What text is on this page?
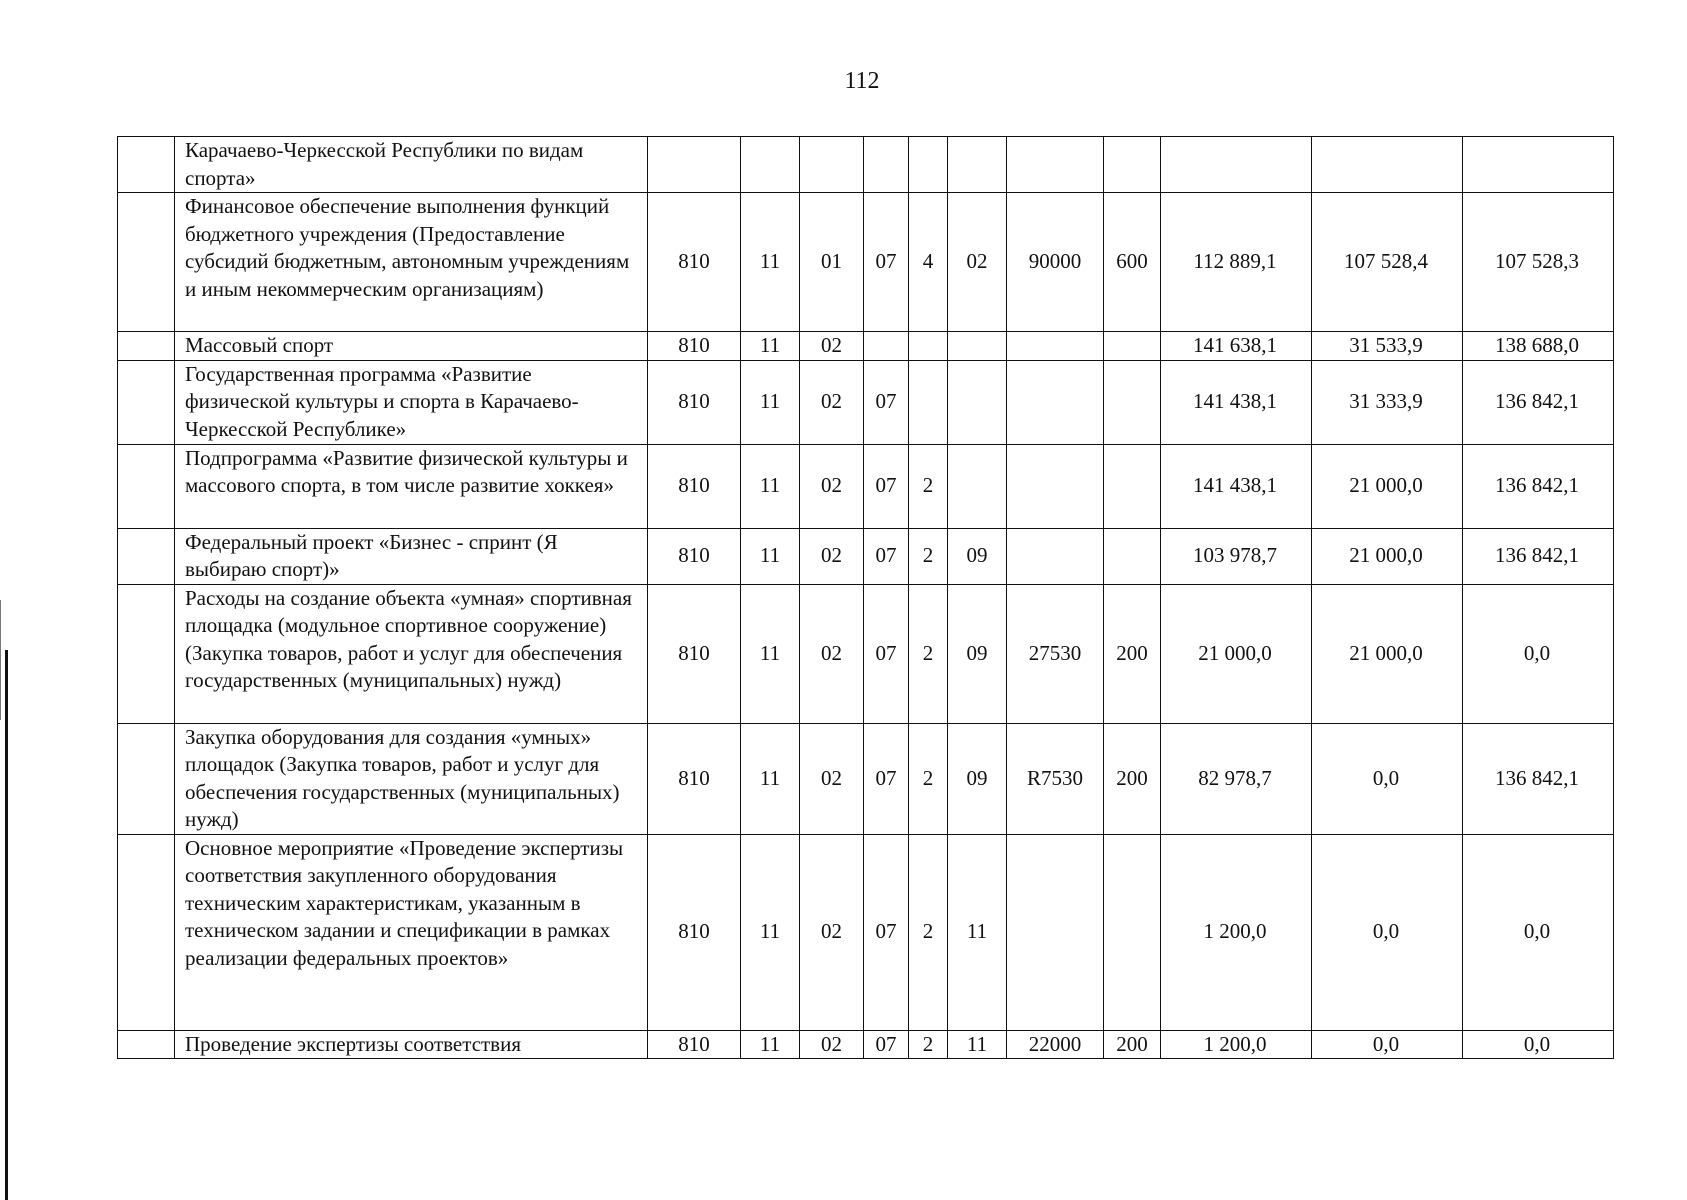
112
	Карачаево-Черкесской Республики по видам спорта»											
	Финансовое обеспечение выполнения функций бюджетного учреждения (Предоставление субсидий бюджетным, автономным учреждениям и иным некоммерческим организациям)	810	11	01	07	4	02	90000	600	112 889,1	107 528,4	107 528,3
	Массовый спорт	810	11	02						141 638,1	31 533,9	138 688,0
	Государственная программа «Развитие физической культуры и спорта в Карачаево-Черкесской Республике»	810	11	02	07					141 438,1	31 333,9	136 842,1
	Подпрограмма «Развитие физической культуры и массового спорта, в том числе развитие хоккея»	810	11	02	07	2				141 438,1	21 000,0	136 842,1
	Федеральный проект «Бизнес - спринт (Я выбираю спорт)»	810	11	02	07	2	09			103 978,7	21 000,0	136 842,1
	Расходы на создание объекта «умная» спортивная площадка (модульное спортивное сооружение) (Закупка товаров, работ и услуг для обеспечения государственных (муниципальных) нужд)	810	11	02	07	2	09	27530	200	21 000,0	21 000,0	0,0
	Закупка оборудования для создания «умных» площадок (Закупка товаров, работ и услуг для обеспечения государственных (муниципальных) нужд)	810	11	02	07	2	09	R7530	200	82 978,7	0,0	136 842,1
	Основное мероприятие «Проведение экспертизы соответствия закупленного оборудования техническим характеристикам, указанным в техническом задании и спецификации в рамках реализации федеральных проектов»	810	11	02	07	2	11			1 200,0	0,0	0,0
	Проведение экспертизы соответствия	810	11	02	07	2	11	22000	200	1 200,0	0,0	0,0
